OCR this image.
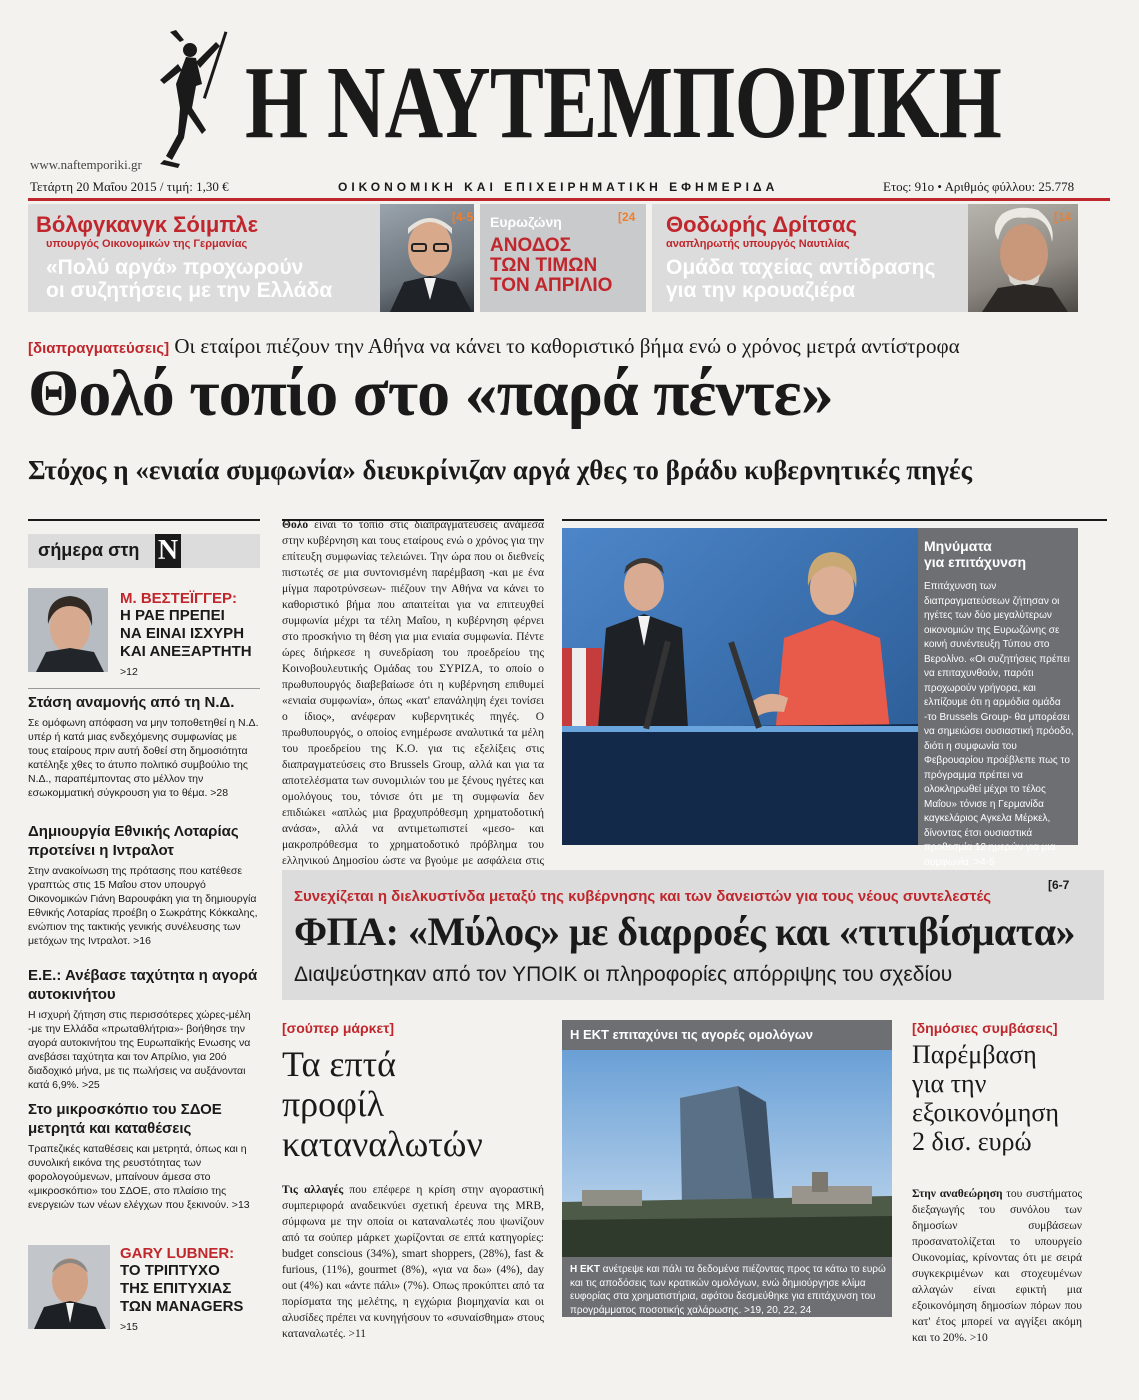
Η ΝΑΥΤΕΜΠΟΡΙΚΗ
www.naftemporiki.gr
Τετάρτη 20 Μαΐου 2015 / τιμή: 1,30 €	ΟΙΚΟΝΟΜΙΚΗ ΚΑΙ ΕΠΙΧΕΙΡΗΜΑΤΙΚΗ ΕΦΗΜΕΡΙΔΑ	Ετος: 91ο • Αριθμός φύλλου: 25.778
Βόλφγκανγκ Σόιμπλε
υπουργός Οικονομικών της Γερμανίας
«Πολύ αργά» προχωρούν
οι συζητήσεις με την Ελλάδα
[4-5 Ευρωζώνη
ΑΝΟΔΟΣ
ΤΩΝ ΤΙΜΩΝ
ΤΟΝ ΑΠΡΙΛΙΟ
[24 Θοδωρής Δρίτσας
αναπληρωτής υπουργός Ναυτιλίας
Ομάδα ταχείας αντίδρασης
για την κρουαζιέρα
[14
[διαπραγματεύσεις] Οι εταίροι πιέζουν την Αθήνα να κάνει το καθοριστικό βήμα ενώ ο χρόνος μετρά αντίστροφα
Θολό τοπίο στο «παρά πέντε»
Στόχος η «ενιαία συμφωνία» διευκρίνιζαν αργά χθες το βράδυ κυβερνητικές πηγές
Θολό είναι το τοπίο στις διαπραγματεύσεις ανάμεσα στην κυβέρνηση και τους εταίρους ενώ ο χρόνος για την επίτευξη συμφωνίας τελειώνει. Την ώρα που οι διεθνείς πιστωτές σε μια συντονισμένη παρέμβαση -και με ένα μίγμα παροτρύνσεων- πιέζουν την Αθήνα να κάνει το καθοριστικό βήμα που απαιτείται για να επιτευχθεί συμφωνία μέχρι τα τέλη Μαΐου, η κυβέρνηση φέρνει στο προσκήνιο τη θέση για μια ενιαία συμφωνία. Πέντε ώρες διήρκεσε η συνεδρίαση του προεδρείου της Κοινοβουλευτικής Ομάδας του ΣΥΡΙΖΑ, το οποίο ο πρωθυπουργός διαβεβαίωσε ότι η κυβέρνηση επιθυμεί «ενιαία συμφωνία», όπως «κατ' επανάληψη έχει τονίσει ο ίδιος», ανέφεραν κυβερνητικές πηγές. Ο πρωθυπουργός, ο οποίος ενημέρωσε αναλυτικά τα μέλη του προεδρείου της Κ.Ο. για τις εξελίξεις στις διαπραγματεύσεις στο Brussels Group, αλλά και για τα αποτελέσματα των συνομιλιών του με ξένους ηγέτες και ομολόγους του, τόνισε ότι με τη συμφωνία δεν επιδιώκει «απλώς μια βραχυπρόθεσμη χρηματοδοτική ανάσα», αλλά να αντιμετωπιστεί «μεσο- και μακροπρόθεσμα το χρηματοδοτικό πρόβλημα του ελληνικού Δημοσίου ώστε να βγούμε με ασφάλεια στις
Μηνύματα
για επιτάχυνση
Επιτάχυνση των διαπραγματεύσεων ζήτησαν οι ηγέτες των δύο μεγαλύτερων οικονομιών της Ευρωζώνης σε κοινή συνέντευξη Τύπου στο Βερολίνο. «Οι συζητήσεις πρέπει να επιταχυνθούν, παρότι προχωρούν γρήγορα, και ελπίζουμε ότι η αρμόδια ομάδα -το Brussels Group- θα μπορέσει να σημειώσει ουσιαστική πρόοδο, διότι η συμφωνία του Φεβρουαρίου προέβλεπε πως το πρόγραμμα πρέπει να ολοκληρωθεί μέχρι το τέλος Μαΐου» τόνισε η Γερμανίδα καγκελάριος Αγκελα Μέρκελ, δίνοντας έτσι ουσιαστικά προθεσμία 12 ημερών για μια συμφωνία. >4-5
σήμερα στη Ν
Μ. ΒΕΣΤΕΪΓΓΕΡ:
Η ΡΑΕ ΠΡΕΠΕΙ
ΝΑ ΕΙΝΑΙ ΙΣΧΥΡΗ
ΚΑΙ ΑΝΕΞΑΡΤΗΤΗ
>12
Στάση αναμονής από τη Ν.Δ.
Σε ομόφωνη απόφαση να μην τοποθετηθεί η Ν.Δ. υπέρ ή κατά μιας ενδεχόμενης συμφωνίας με τους εταίρους πριν αυτή δοθεί στη δημοσιότητα κατέληξε χθες το άτυπο πολιτικό συμβούλιο της Ν.Δ., παραπέμποντας στο μέλλον την εσωκομματική σύγκρουση για το θέμα. >28
Δημιουργία Εθνικής Λοταρίας προτείνει η Ιντραλοτ
Στην ανακοίνωση της πρότασης που κατέθεσε γραπτώς στις 15 Μαΐου στον υπουργό Οικονομικών Γιάνη Βαρουφάκη για τη δημιουργία Εθνικής Λοταρίας προέβη ο Σωκράτης Κόκκαλης, ενώπιον της τακτικής γενικής συνέλευσης των μετόχων της Ιντραλοτ. >16
Ε.Ε.: Ανέβασε ταχύτητα η αγορά αυτοκινήτου
Η ισχυρή ζήτηση στις περισσότερες χώρες-μέλη -με την Ελλάδα «πρωταθλήτρια»- βοήθησε την αγορά αυτοκινήτου της Ευρωπαϊκής Ενωσης να ανεβάσει ταχύτητα και τον Απρίλιο, για 20ό διαδοχικό μήνα, με τις πωλήσεις να αυξάνονται κατά 6,9%. >25
Στο μικροσκόπιο του ΣΔΟΕ μετρητά και καταθέσεις
Τραπεζικές καταθέσεις και μετρητά, όπως και η συνολική εικόνα της ρευστότητας των φορολογούμενων, μπαίνουν άμεσα στο «μικροσκόπιο» του ΣΔΟΕ, στο πλαίσιο της ενεργειών των νέων ελέγχων που ξεκινούν. >13
GARY LUBNER:
ΤΟ ΤΡΙΠΤΥΧΟ
ΤΗΣ ΕΠΙΤΥΧΙΑΣ
ΤΩΝ MANAGERS
>15
Συνεχίζεται η διελκυστίνδα μεταξύ της κυβέρνησης και των δανειστών για τους νέους συντελεστές
[6-7
ΦΠΑ: «Μύλος» με διαρροές και «τιτιβίσματα»
Διαψεύστηκαν από τον ΥΠΟΙΚ οι πληροφορίες απόρριψης του σχεδίου
[σούπερ μάρκετ]
Τα επτά
προφίλ
καταναλωτών
Τις αλλαγές που επέφερε η κρίση στην αγοραστική συμπεριφορά αναδεικνύει σχετική έρευνα της MRB, σύμφωνα με την οποία οι καταναλωτές που ψωνίζουν από τα σούπερ μάρκετ χωρίζονται σε επτά κατηγορίες: budget conscious (34%), smart shoppers, (28%), fast & furious, (11%), gourmet (8%), «για να δω» (4%), day out (4%) και «άντε πάλι» (7%). Οπως προκύπτει από τα πορίσματα της μελέτης, η εγχώρια βιομηχανία και οι αλυσίδες πρέπει να κυνηγήσουν το «συναίσθημα» στους καταναλωτές. >11
Η ΕΚΤ επιταχύνει τις αγορές ομολόγων
Η ΕΚΤ ανέτρεψε και πάλι τα δεδομένα πιέζοντας προς τα κάτω το ευρώ και τις αποδόσεις των κρατικών ομολόγων, ενώ δημιούργησε κλίμα ευφορίας στα χρηματιστήρια, αφότου δεσμεύθηκε για επιτάχυνση του προγράμματος ποσοτικής χαλάρωσης. >19, 20, 22, 24
[δημόσιες συμβάσεις]
Παρέμβαση
για την
εξοικονόμηση
2 δισ. ευρώ
Στην αναθεώρηση του συστήματος διεξαγωγής του συνόλου των δημοσίων συμβάσεων προσανατολίζεται το υπουργείο Οικονομίας, κρίνοντας ότι με σειρά συγκεκριμένων και στοχευμένων αλλαγών είναι εφικτή μια εξοικονόμηση δημοσίων πόρων που κατ' έτος μπορεί να αγγίξει ακόμη και το 20%. >10
